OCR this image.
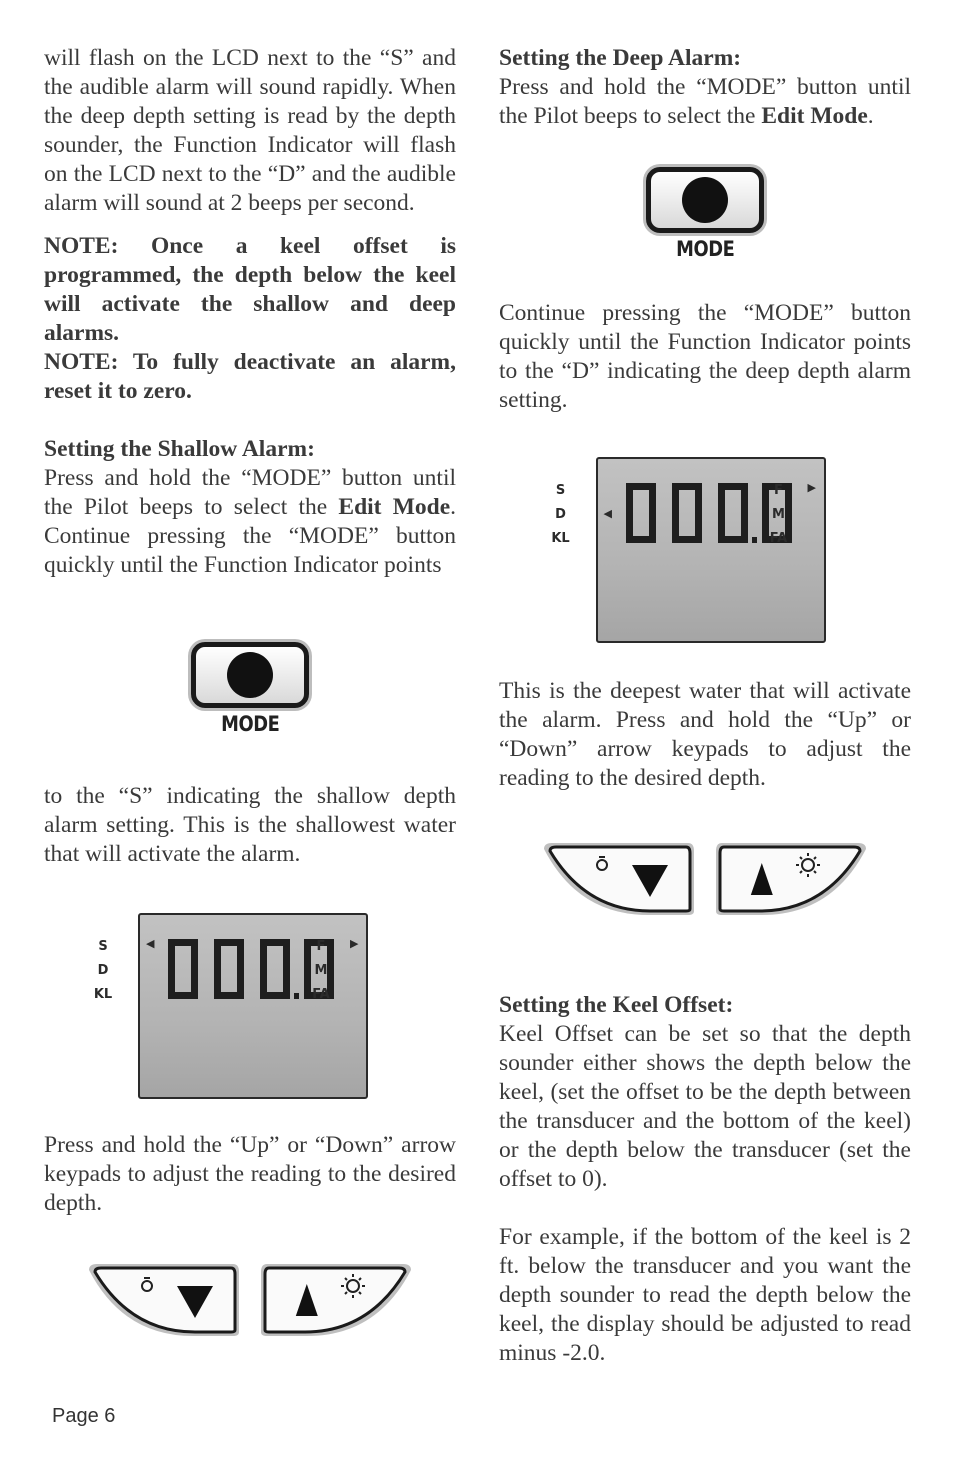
will flash on the LCD next to the “S” and the audible alarm will sound rapidly. When the deep depth setting is read by the depth sounder, the Function Indicator will flash on the LCD next to the “D” and the audible alarm will sound at 2 beeps per second.

NOTE: Once a keel offset is programmed, the depth below the keel will activate the shallow and deep alarms.

NOTE: To fully deactivate an alarm, reset it to zero.

Setting the Shallow Alarm:

Press and hold the “MODE” button until the Pilot beeps to select the Edit Mode. Continue pressing the “MODE” button quickly until the Function Indicator points

MODE

to the “S” indicating the shallow depth alarm setting. This is the shallowest water that will activate the alarm.

S
D
KL
◀	▶
F
M
FA

Press and hold the “Up” or “Down” arrow keypads to adjust the reading to the desired depth.

Setting the Deep Alarm:

Press and hold the “MODE” button until the Pilot beeps to select the Edit Mode.

MODE

Continue pressing the “MODE” button quickly until the Function Indicator points to the “D” indicating the deep depth alarm setting.

S
D
KL
◀
▶
F
M
FA

This is the deepest water that will activate the alarm. Press and hold the “Up” or “Down” arrow keypads to adjust the reading to the desired depth.

Setting the Keel Offset:

Keel Offset can be set so that the depth sounder either shows the depth below the keel, (set the offset to be the depth between the transducer and the bottom of the keel) or the depth below the transducer (set the offset to 0).

For example, if the bottom of the keel is 2 ft. below the transducer and you want the depth sounder to read the depth below the keel, the display should be adjusted to read minus -2.0.

Page 6
